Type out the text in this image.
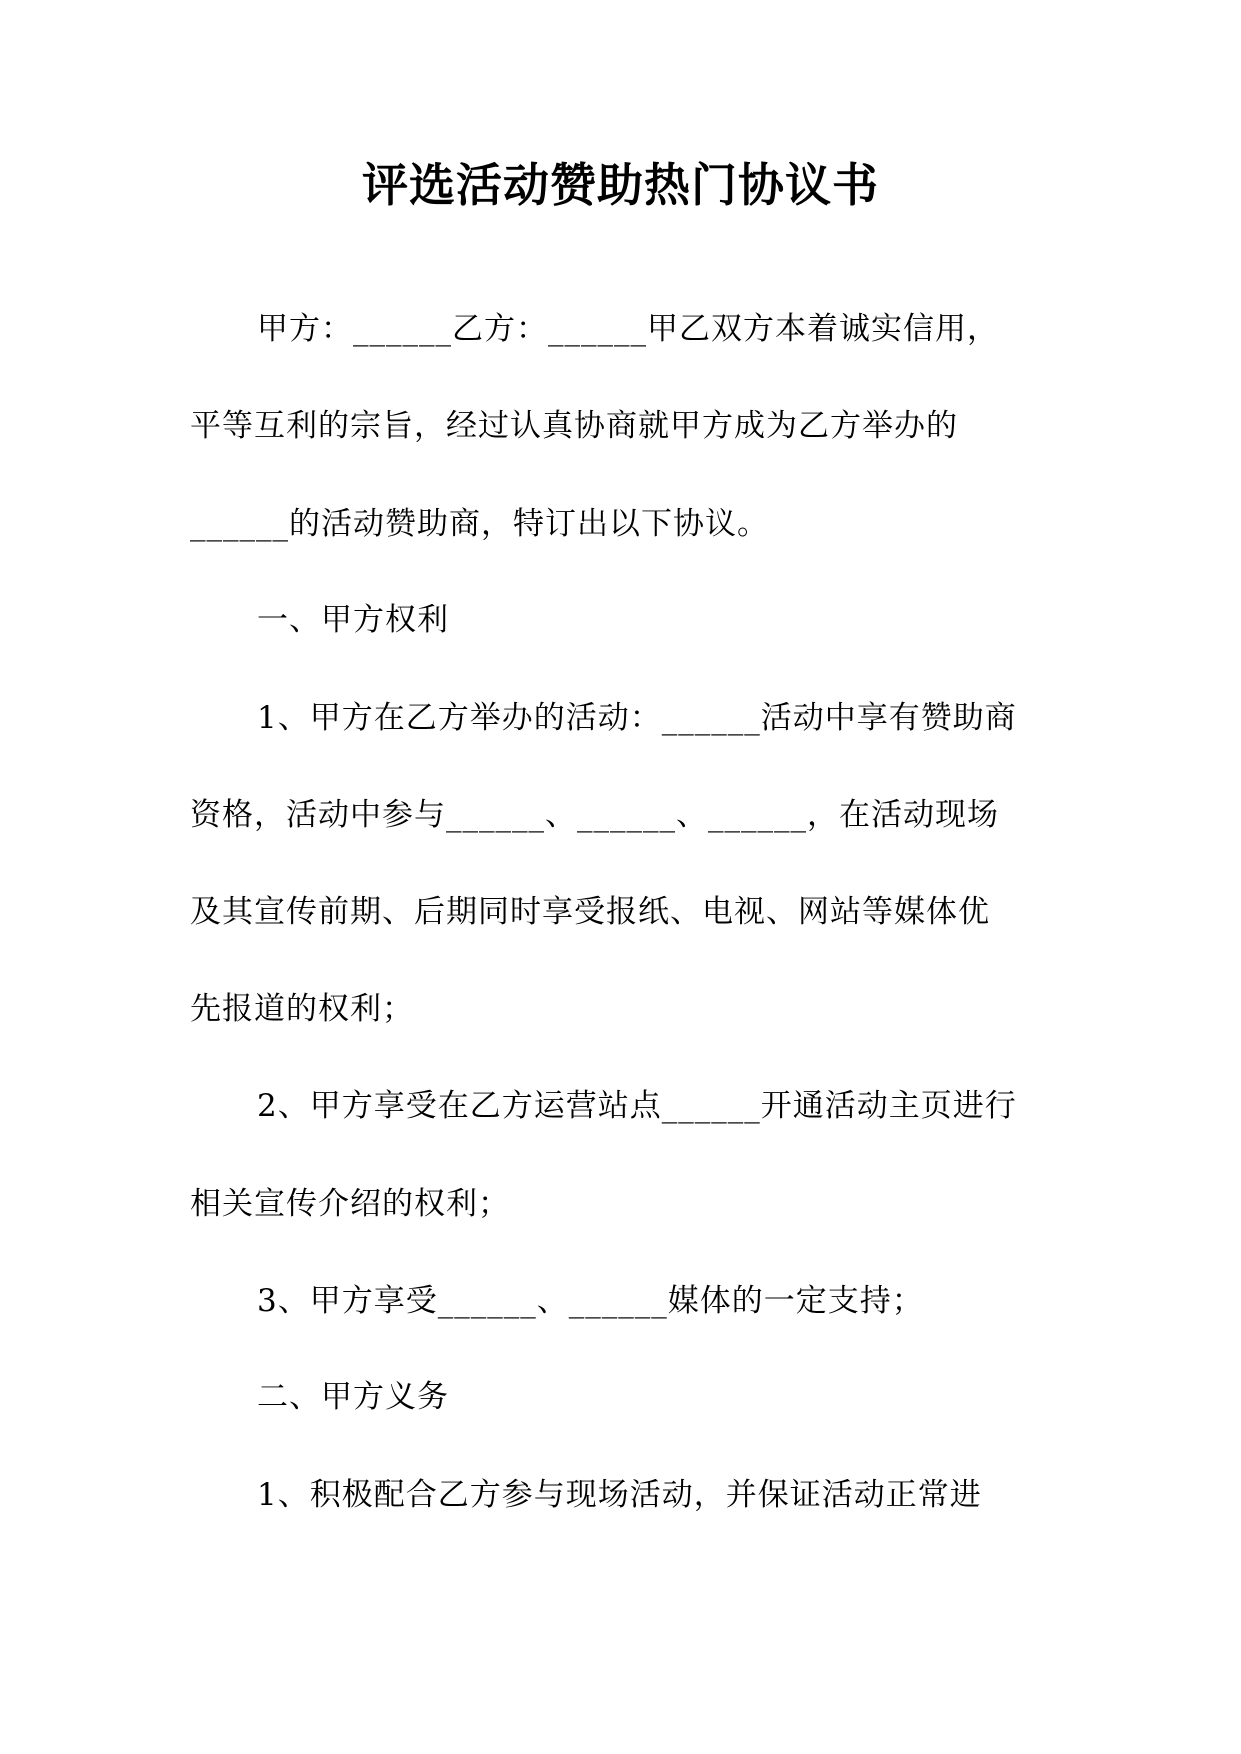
评选活动赞助热门协议书
甲方：______乙方：______甲乙双方本着诚实信用，
平等互利的宗旨，经过认真协商就甲方成为乙方举办的
______的活动赞助商，特订出以下协议。
一、甲方权利
1、甲方在乙方举办的活动：______活动中享有赞助商
资格，活动中参与______、______、______，在活动现场
及其宣传前期、后期同时享受报纸、电视、网站等媒体优
先报道的权利；
2、甲方享受在乙方运营站点______开通活动主页进行
相关宣传介绍的权利；
3、甲方享受______、______媒体的一定支持；
二、甲方义务
1、积极配合乙方参与现场活动，并保证活动正常进
